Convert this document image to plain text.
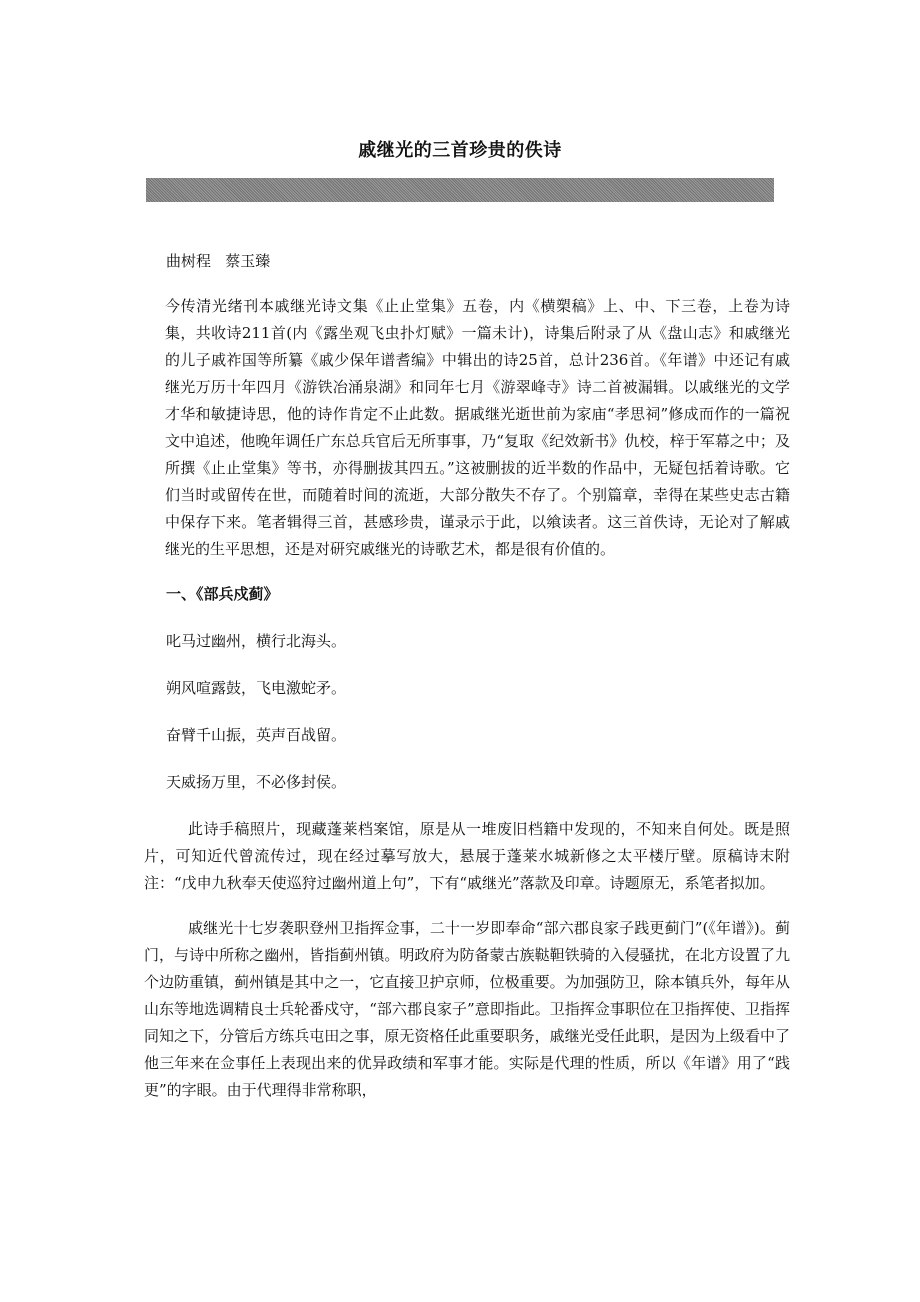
戚继光的三首珍贵的佚诗
曲树程   蔡玉臻

今传清光绪刊本戚继光诗文集《止止堂集》五卷，内《横槊稿》上、中、下三卷，上卷为诗集，共收诗211首(内《露坐观飞虫扑灯赋》一篇未计)，诗集后附录了从《盘山志》和戚继光的儿子戚祚国等所纂《戚少保年谱耆编》中辑出的诗25首，总计236首。《年谱》中还记有戚继光万历十年四月《游铁冶涌泉湖》和同年七月《游翠峰寺》诗二首被漏辑。以戚继光的文学才华和敏捷诗思，他的诗作肯定不止此数。据戚继光逝世前为家庙“孝思祠”修成而作的一篇祝文中追述，他晚年调任广东总兵官后无所事事，乃“复取《纪效新书》仇校，梓于军幕之中；及所撰《止止堂集》等书，亦得删拔其四五。”这被删拔的近半数的作品中，无疑包括着诗歌。它们当时或留传在世，而随着时间的流逝，大部分散失不存了。个别篇章，幸得在某些史志古籍中保存下来。笔者辑得三首，甚感珍贵，谨录示于此，以飨读者。这三首佚诗，无论对了解戚继光的生平思想，还是对研究戚继光的诗歌艺术，都是很有价值的。

一、《部兵戍蓟》
叱马过幽州，横行北海头。
朔风喧露鼓，飞电激蛇矛。
奋臂千山振，英声百战留。
天威扬万里，不必侈封侯。

此诗手稿照片，现藏蓬莱档案馆，原是从一堆废旧档籍中发现的，不知来自何处。既是照片，可知近代曾流传过，现在经过摹写放大，悬展于蓬莱水城新修之太平楼厅壁。原稿诗末附注：“戊申九秋奉天使巡狩过幽州道上句”，下有“戚继光”落款及印章。诗题原无，系笔者拟加。

戚继光十七岁袭职登州卫指挥佥事，二十一岁即奉命“部六郡良家子践更蓟门”(《年谱》)。蓟门，与诗中所称之幽州，皆指蓟州镇。明政府为防备蒙古族鞑靼铁骑的入侵骚扰，在北方设置了九个边防重镇，蓟州镇是其中之一，它直接卫护京师，位极重要。为加强防卫，除本镇兵外，每年从山东等地选调精良士兵轮番戍守，“部六郡良家子”意即指此。卫指挥佥事职位在卫指挥使、卫指挥同知之下，分管后方练兵屯田之事，原无资格任此重要职务，戚继光受任此职，是因为上级看中了他三年来在佥事任上表现出来的优异政绩和军事才能。实际是代理的性质，所以《年谱》用了“践更”的字眼。由于代理得非常称职，
